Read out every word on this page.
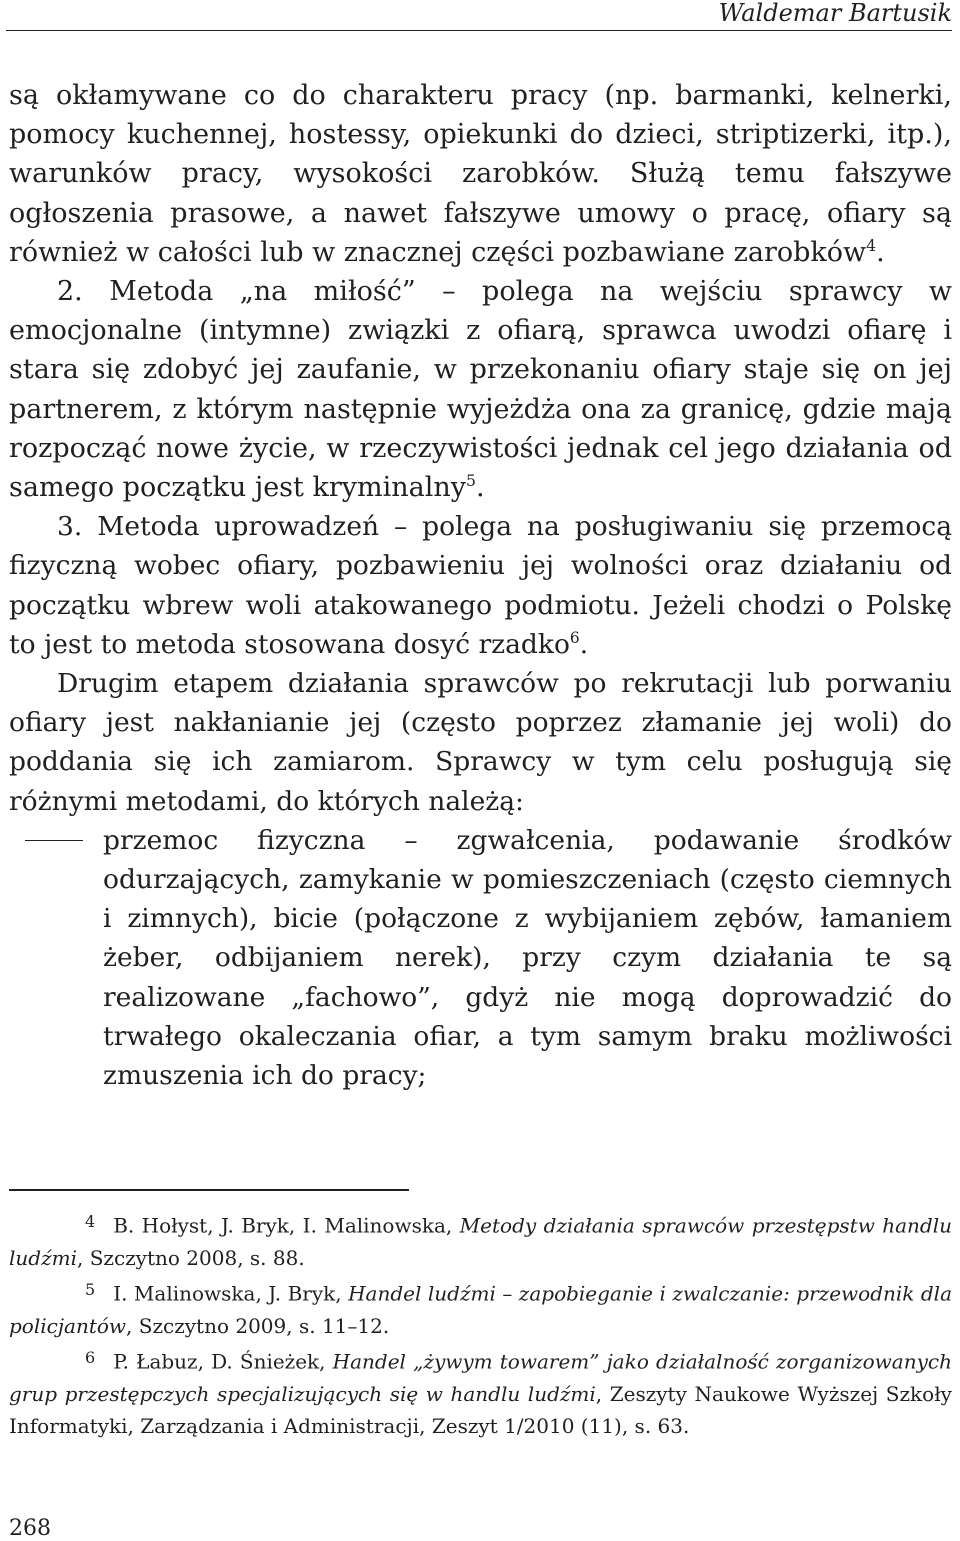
Waldemar Bartusik

są okłamywane co do charakteru pracy (np. barmanki, kelnerki, pomocy kuchennej, hostessy, opiekunki do dzieci, striptizerki, itp.), warunków pracy, wysokości zarobków. Służą temu fałszywe ogłoszenia prasowe, a nawet fałszywe umowy o pracę, ofiary są również w całości lub w znacznej części pozbawiane zarobków$^4$.

2. Metoda „na miłość” – polega na wejściu sprawcy w emocjonalne (intymne) związki z ofiarą, sprawca uwodzi ofiarę i stara się zdobyć jej zaufanie, w przekonaniu ofiary staje się on jej partnerem, z którym następnie wyjeżdża ona za granicę, gdzie mają rozpocząć nowe życie, w rzeczywistości jednak cel jego działania od samego początku jest kryminalny$^5$.

3. Metoda uprowadzeń – polega na posługiwaniu się przemocą fizyczną wobec ofiary, pozbawieniu jej wolności oraz działaniu od początku wbrew woli atakowanego podmiotu. Jeżeli chodzi o Polskę to jest to metoda stosowana dosyć rzadko$^6$.

Drugim etapem działania sprawców po rekrutacji lub porwaniu ofiary jest nakłanianie jej (często poprzez złamanie jej woli) do poddania się ich zamiarom. Sprawcy w tym celu posługują się różnymi metodami, do których należą:

przemoc fizyczna – zgwałcenia, podawanie środków odurzających, zamykanie w pomieszczeniach (często ciemnych i zimnych), bicie (połączone z wybijaniem zębów, łamaniem żeber, odbijaniem nerek), przy czym działania te są realizowane „fachowo”, gdyż nie mogą doprowadzić do trwałego okaleczania ofiar, a tym samym braku możliwości zmuszenia ich do pracy;

4 B. Hołyst, J. Bryk, I. Malinowska, Metody działania sprawców przestępstw handlu ludźmi, Szczytno 2008, s. 88.

5 I. Malinowska, J. Bryk, Handel ludźmi – zapobieganie i zwalczanie: przewodnik dla policjantów, Szczytno 2009, s. 11–12.

6 P. Łabuz, D. Śnieżek, Handel „żywym towarem” jako działalność zorganizowanych grup przestępczych specjalizujących się w handlu ludźmi, Zeszyty Naukowe Wyższej Szkoły Informatyki, Zarządzania i Administracji, Zeszyt 1/2010 (11), s. 63.

268
